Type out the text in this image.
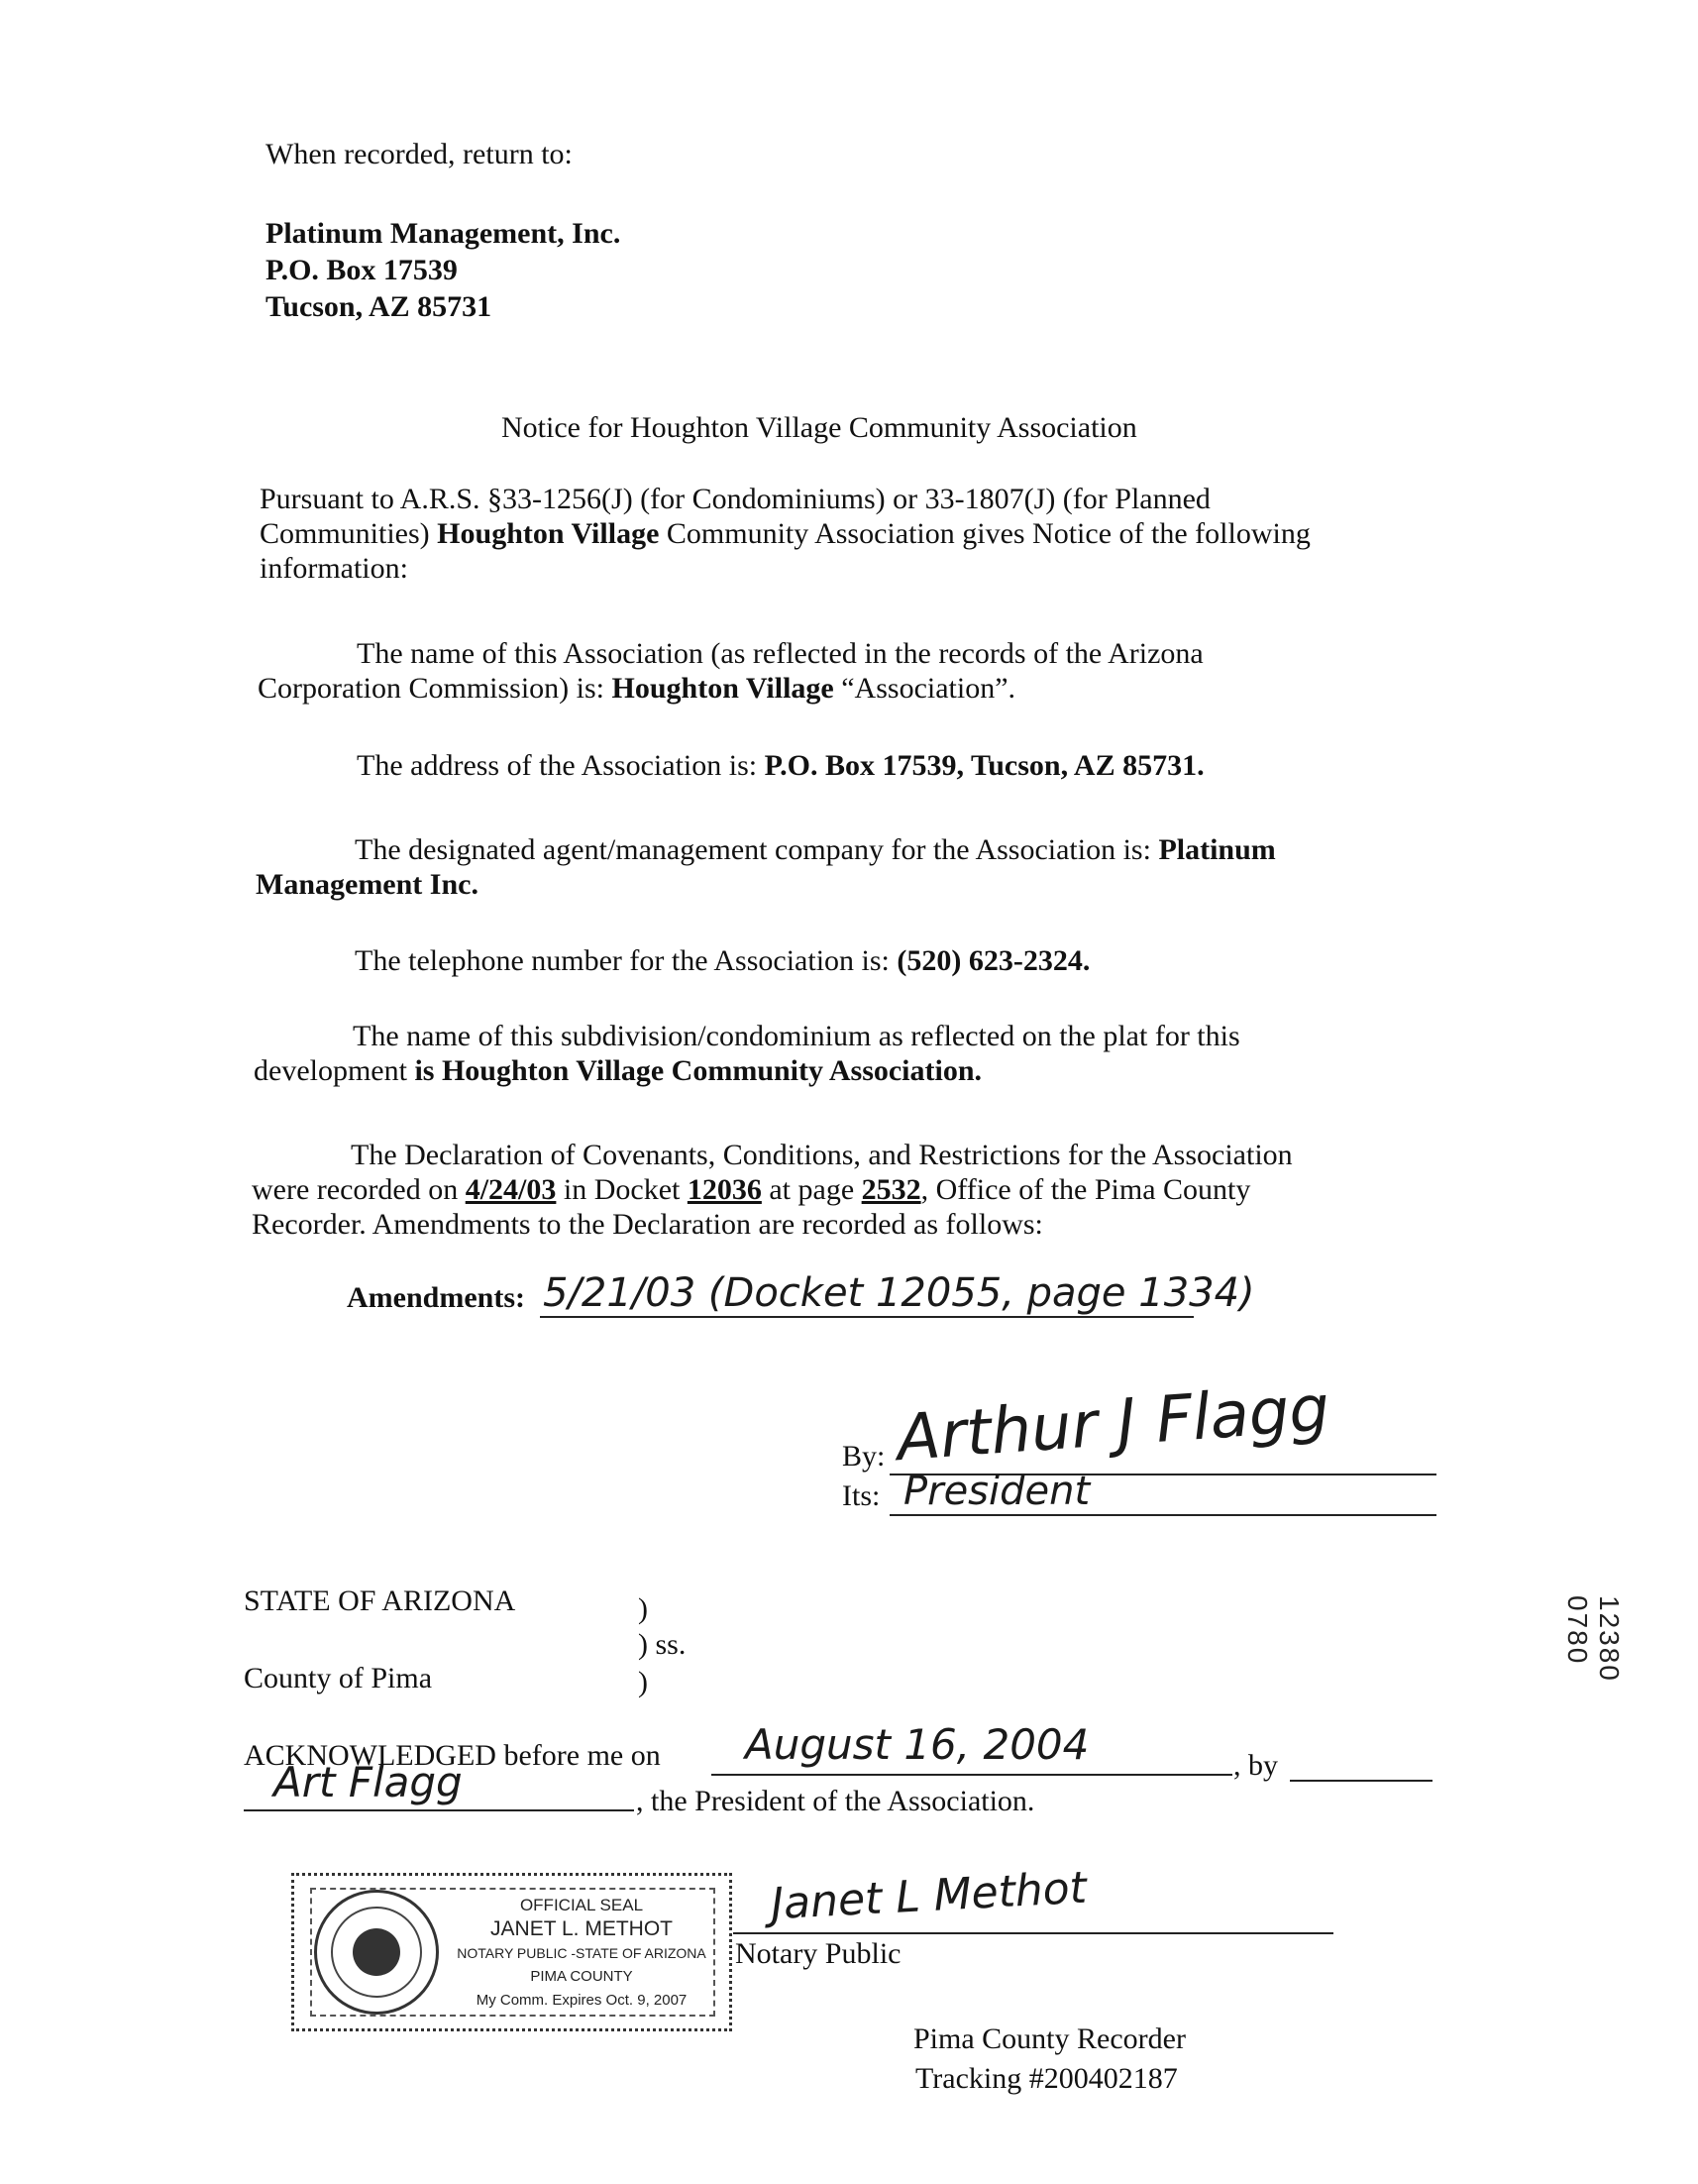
When recorded, return to:
Platinum Management, Inc.
P.O. Box 17539
Tucson, AZ 85731
Notice for Houghton Village Community Association

Pursuant to A.R.S. §33-1256(J) (for Condominiums) or 33-1807(J) (for Planned

Communities) Houghton Village Community Association gives Notice of the following

information:

The name of this Association (as reflected in the records of the Arizona

Corporation Commission) is: Houghton Village “Association”.

The address of the Association is: P.O. Box 17539, Tucson, AZ 85731.

The designated agent/management company for the Association is: Platinum

Management Inc.

The telephone number for the Association is: (520) 623-2324.

The name of this subdivision/condominium as reflected on the plat for this

development is Houghton Village Community Association.

The Declaration of Covenants, Conditions, and Restrictions for the Association

were recorded on 4/24/03 in Docket 12036 at page 2532, Office of the Pima County

Recorder. Amendments to the Declaration are recorded as follows:

Amendments: 5/21/03 (Docket 12055, page 1334)
By: Arthur J Flagg
Its: President
STATE OF ARIZONA	)
) ss.
)
County of Pima
ACKNOWLEDGED before me on August 16, 2004	, by
Art Flagg	, the President of the Association.
OFFICIAL SEAL
JANET L. METHOT
NOTARY PUBLIC -STATE OF ARIZONA
PIMA COUNTY
My Comm. Expires Oct. 9, 2007
Janet L Methot
Notary Public
Pima County Recorder
Tracking #200402187
12380 0780
